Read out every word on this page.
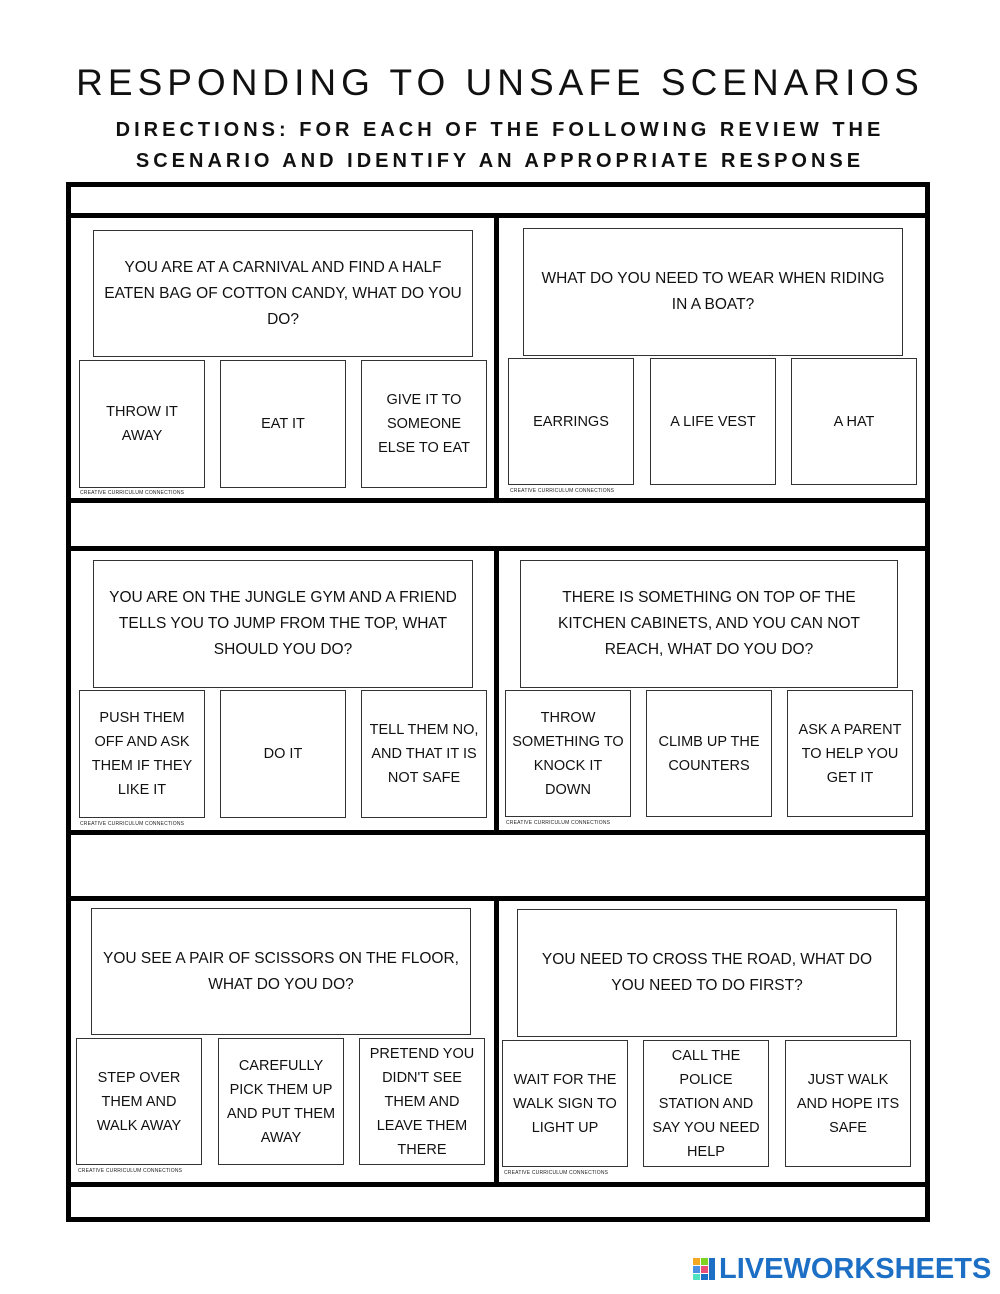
RESPONDING TO UNSAFE SCENARIOS
DIRECTIONS: FOR EACH OF THE FOLLOWING REVIEW THE
SCENARIO AND IDENTIFY AN APPROPRIATE RESPONSE
YOU ARE AT A CARNIVAL AND FIND A HALF EATEN BAG OF COTTON CANDY, WHAT DO YOU DO?
THROW IT AWAY
EAT IT
GIVE IT TO SOMEONE ELSE TO EAT
CREATIVE CURRICULUM CONNECTIONS
WHAT DO YOU NEED TO WEAR WHEN RIDING IN A BOAT?
EARRINGS	A LIFE VEST	A HAT
CREATIVE CURRICULUM CONNECTIONS
YOU ARE ON THE JUNGLE GYM AND A FRIEND TELLS YOU TO JUMP FROM THE TOP, WHAT SHOULD YOU DO?
PUSH THEM OFF AND ASK THEM IF THEY LIKE IT
DO IT
TELL THEM NO, AND THAT IT IS NOT SAFE
CREATIVE CURRICULUM CONNECTIONS
THERE IS SOMETHING ON TOP OF THE KITCHEN CABINETS, AND YOU CAN NOT REACH, WHAT DO YOU DO?
THROW SOMETHING TO KNOCK IT DOWN
CLIMB UP THE COUNTERS
ASK A PARENT TO HELP YOU GET IT
CREATIVE CURRICULUM CONNECTIONS
YOU SEE A PAIR OF SCISSORS ON THE FLOOR, WHAT DO YOU DO?
STEP OVER THEM AND WALK AWAY
CAREFULLY PICK THEM UP AND PUT THEM AWAY
PRETEND YOU DIDN'T SEE THEM AND LEAVE THEM THERE
CREATIVE CURRICULUM CONNECTIONS
YOU NEED TO CROSS THE ROAD, WHAT DO YOU NEED TO DO FIRST?
WAIT FOR THE WALK SIGN TO LIGHT UP
CALL THE POLICE STATION AND SAY YOU NEED HELP
JUST WALK AND HOPE ITS SAFE
CREATIVE CURRICULUM CONNECTIONS
LIVEWORKSHEETS
